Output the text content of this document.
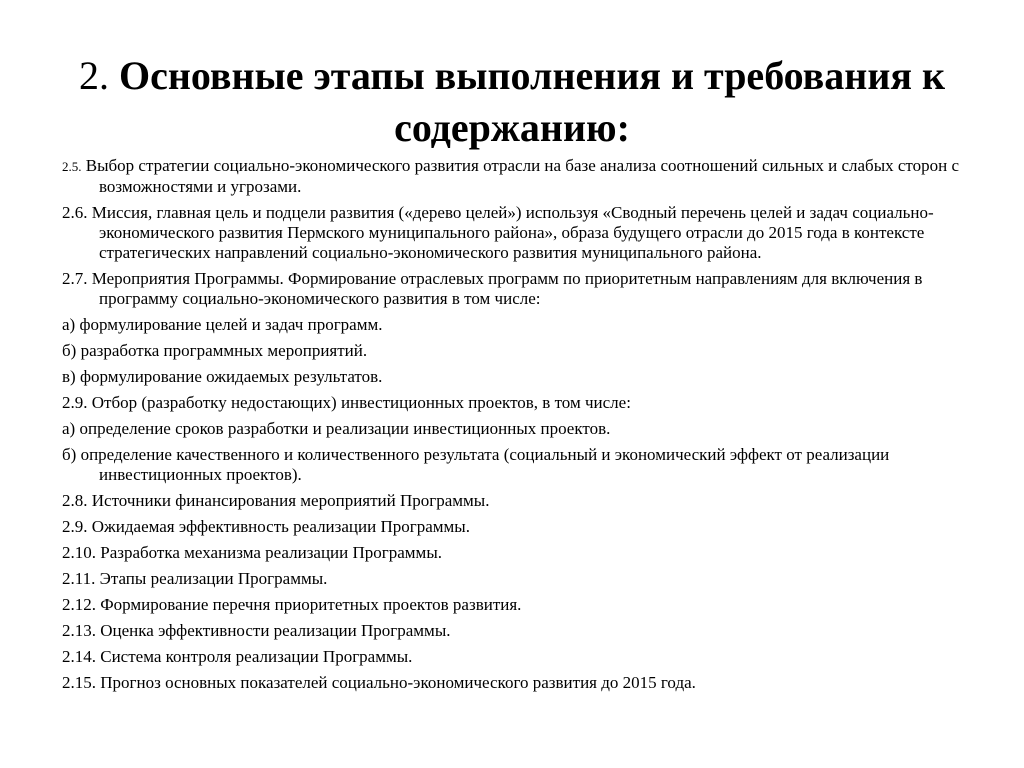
2. Основные этапы выполнения и требования к содержанию:

2.5. Выбор стратегии социально-экономического развития отрасли на базе анализа соотношений сильных и слабых сторон с возможностями и угрозами.

2.6. Миссия, главная цель и подцели развития («дерево целей») используя «Сводный перечень целей и задач социально-экономического развития Пермского муниципального района», образа будущего отрасли до 2015 года в контексте стратегических направлений социально-экономического развития муниципального района.

2.7. Мероприятия Программы. Формирование отраслевых программ по приоритетным направлениям для включения в программу социально-экономического развития в том числе:

а) формулирование целей и задач программ.

б) разработка программных мероприятий.

в) формулирование ожидаемых результатов.

2.9. Отбор (разработку недостающих) инвестиционных проектов, в том числе:

а) определение сроков разработки и реализации инвестиционных проектов.

б) определение качественного и количественного результата (социальный и экономический эффект от реализации инвестиционных проектов).

2.8. Источники финансирования мероприятий Программы.

2.9. Ожидаемая эффективность реализации Программы.

2.10. Разработка механизма реализации Программы.

2.11. Этапы реализации Программы.

2.12. Формирование перечня приоритетных проектов развития.

2.13. Оценка эффективности реализации Программы.

2.14. Система контроля реализации Программы.

2.15. Прогноз основных показателей социально-экономического развития до 2015 года.
